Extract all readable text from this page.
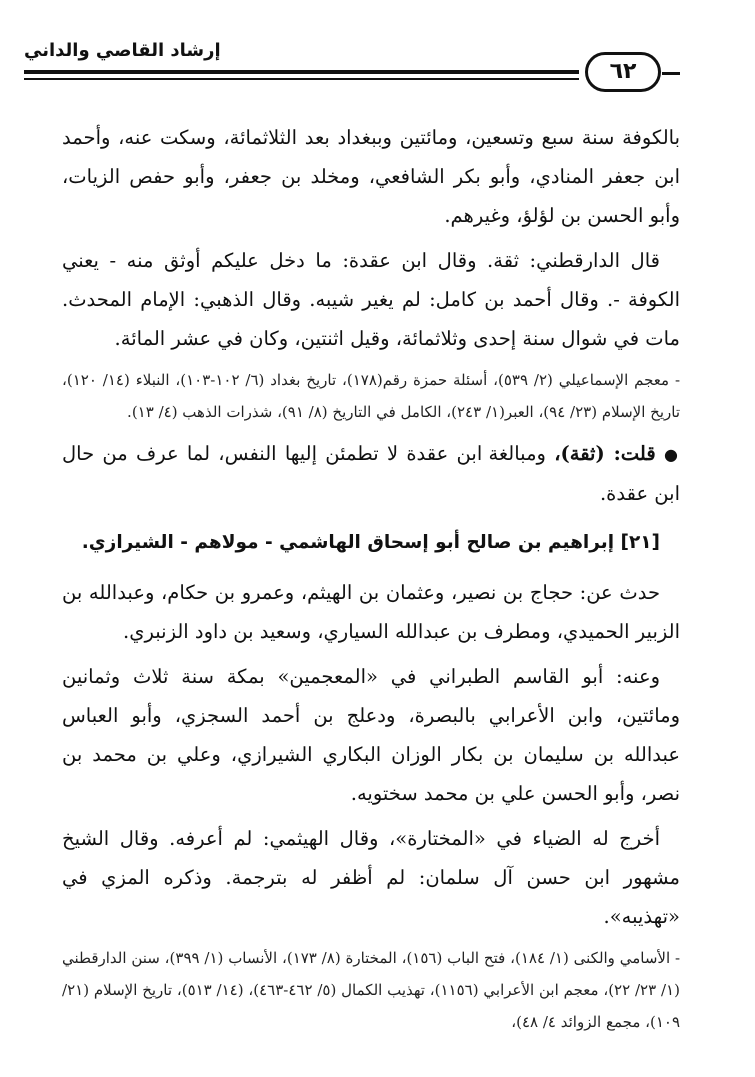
إرشاد القاصي والداني
٦٢

بالكوفة سنة سبع وتسعين، ومائتين وببغداد بعد الثلاثمائة، وسكت عنه، وأحمد ابن جعفر المنادي، وأبو بكر الشافعي، ومخلد بن جعفر، وأبو حفص الزيات، وأبو الحسن بن لؤلؤ، وغيرهم.

قال الدارقطني: ثقة. وقال ابن عقدة: ما دخل عليكم أوثق منه - يعني الكوفة -. وقال أحمد بن كامل: لم يغير شيبه. وقال الذهبي: الإمام المحدث. مات في شوال سنة إحدى وثلاثمائة، وقيل اثنتين، وكان في عشر المائة.

- معجم الإسماعيلي (٢/ ٥٣٩)، أسئلة حمزة رقم(١٧٨)، تاريخ بغداد (٦/ ١٠٢-١٠٣)، النبلاء (١٤/ ١٢٠)، تاريخ الإسلام (٢٣/ ٩٤)، العبر(١/ ٢٤٣)، الكامل في التاريخ (٨/ ٩١)، شذرات الذهب (٤/ ١٣).

● قلت: (ثقة)، ومبالغة ابن عقدة لا تطمئن إليها النفس، لما عرف من حال ابن عقدة.

[٢١] إبراهيم بن صالح أبو إسحاق الهاشمي - مولاهم - الشيرازي.

حدث عن: حجاج بن نصير، وعثمان بن الهيثم، وعمرو بن حكام، وعبدالله بن الزبير الحميدي، ومطرف بن عبدالله السياري، وسعيد بن داود الزنبري.

وعنه: أبو القاسم الطبراني في «المعجمين» بمكة سنة ثلاث وثمانين ومائتين، وابن الأعرابي بالبصرة، ودعلج بن أحمد السجزي، وأبو العباس عبدالله بن سليمان بن بكار الوزان البكاري الشيرازي، وعلي بن محمد بن نصر، وأبو الحسن علي بن محمد سختويه.

أخرج له الضياء في «المختارة»، وقال الهيثمي: لم أعرفه. وقال الشيخ مشهور ابن حسن آل سلمان: لم أظفر له بترجمة. وذكره المزي في «تهذيبه».

- الأسامي والكنى (١/ ١٨٤)، فتح الباب (١٥٦)، المختارة (٨/ ١٧٣)، الأنساب (١/ ٣٩٩)، سنن الدارقطني (١/ ٢٣/ ٢٢)، معجم ابن الأعرابي (١١٥٦)، تهذيب الكمال (٥/ ٤٦٢-٤٦٣)، (١٤/ ٥١٣)، تاريخ الإسلام (٢١/ ١٠٩)، مجمع الزوائد ٤/ ٤٨)،
